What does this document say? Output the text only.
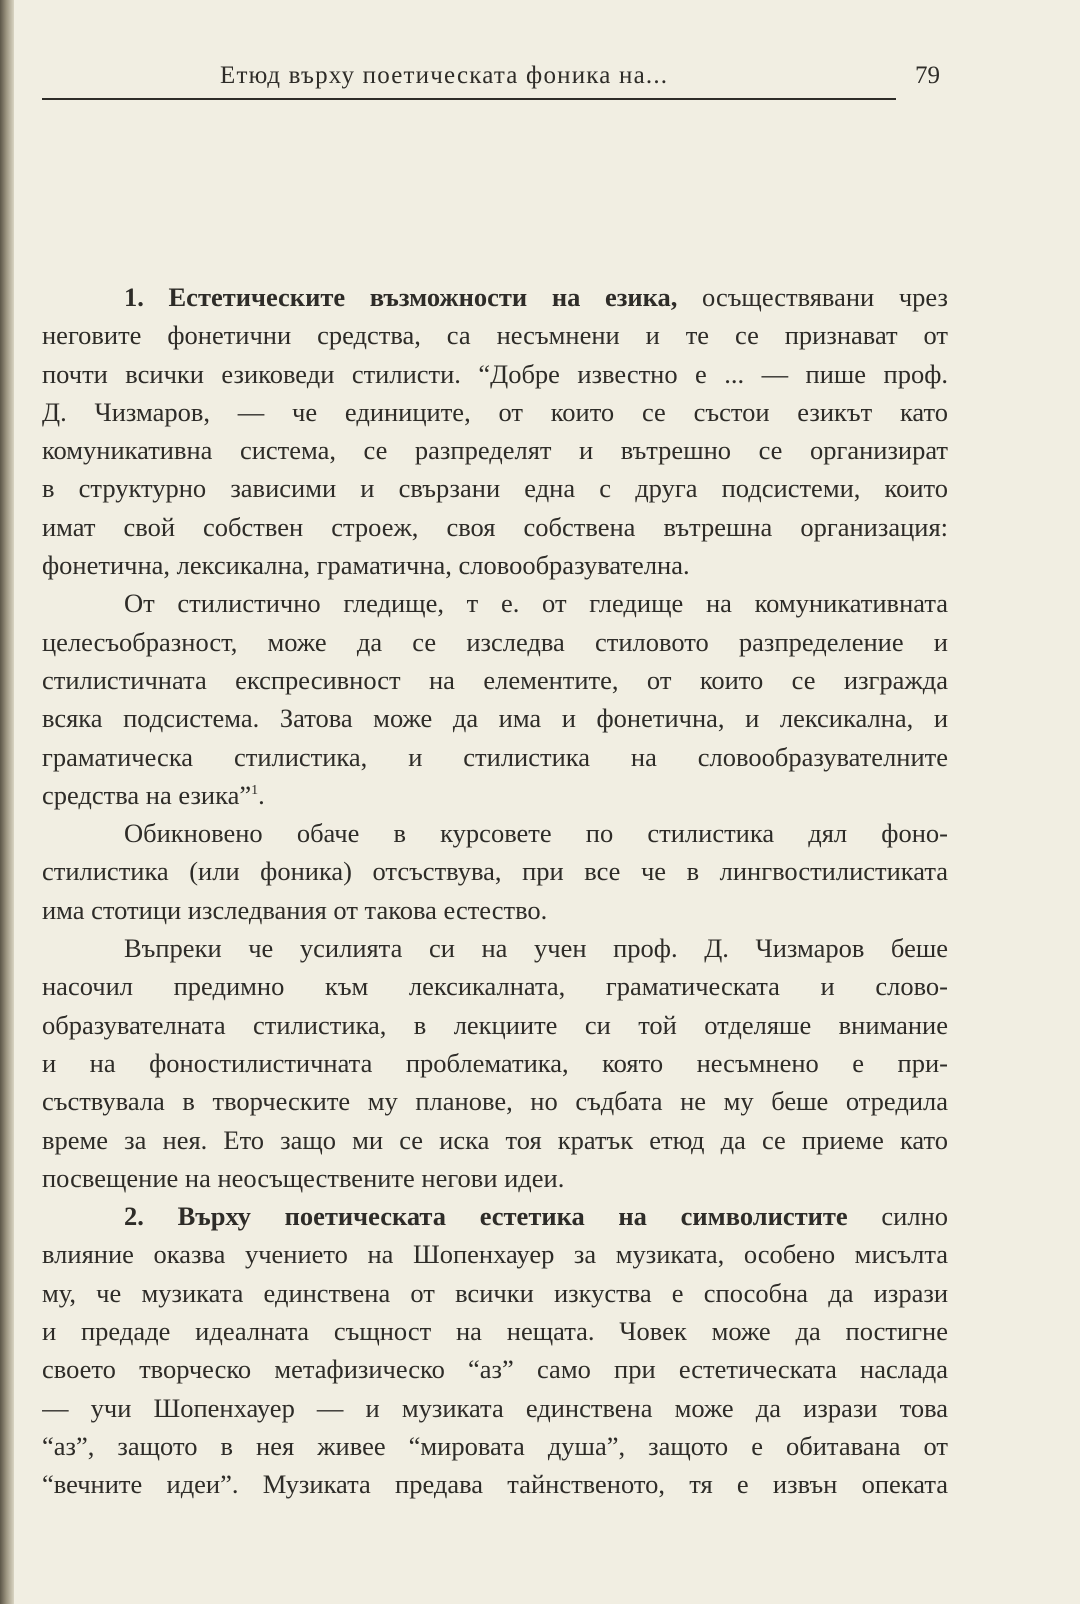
Етюд върху поетическата фоника на...	79
1. Естетическите възможности на езика, осъществявани чрез
неговите фонетични средства, са несъмнени и те се признават от
почти всички езиковеди стилисти. “Добре известно е ... — пише проф.
Д. Чизмаров, — че единиците, от които се състои езикът като
комуникативна система, се разпределят и вътрешно се организират
в структурно зависими и свързани една с друга подсистеми, които
имат свой собствен строеж, своя собствена вътрешна организация:
фонетична, лексикална, граматична, словообразувателна.
От стилистично гледище, т е. от гледище на комуникативната
целесъобразност, може да се изследва стиловото разпределение и
стилистичната експресивност на елементите, от които се изгражда
всяка подсистема. Затова може да има и фонетична, и лексикална, и
граматическа стилистика, и стилистика на словообразувателните
средства на езика”$^1$.
Обикновено обаче в курсовете по стилистика дял фоно-
стилистика (или фоника) отсъствува, при все че в лингвостилистиката
има стотици изследвания от такова естество.
Въпреки че усилията си на учен проф. Д. Чизмаров беше
насочил предимно към лексикалната, граматическата и слово-
образувателната стилистика, в лекциите си той отделяше внимание
и на фоностилистичната проблематика, която несъмнено е при-
съствувала в творческите му планове, но съдбата не му беше отредила
време за нея. Ето защо ми се иска тоя кратък етюд да се приеме като
посвещение на неосъществените негови идеи.
2. Върху поетическата естетика на символистите силно
влияние оказва учението на Шопенхауер за музиката, особено мисълта
му, че музиката единствена от всички изкуства е способна да изрази
и предаде идеалната същност на нещата. Човек може да постигне
своето творческо метафизическо “аз” само при естетическата наслада
— учи Шопенхауер — и музиката единствена може да изрази това
“аз”, защото в нея живее “мировата душа”, защото е обитавана от
“вечните идеи”. Музиката предава тайнственото, тя е извън опеката
